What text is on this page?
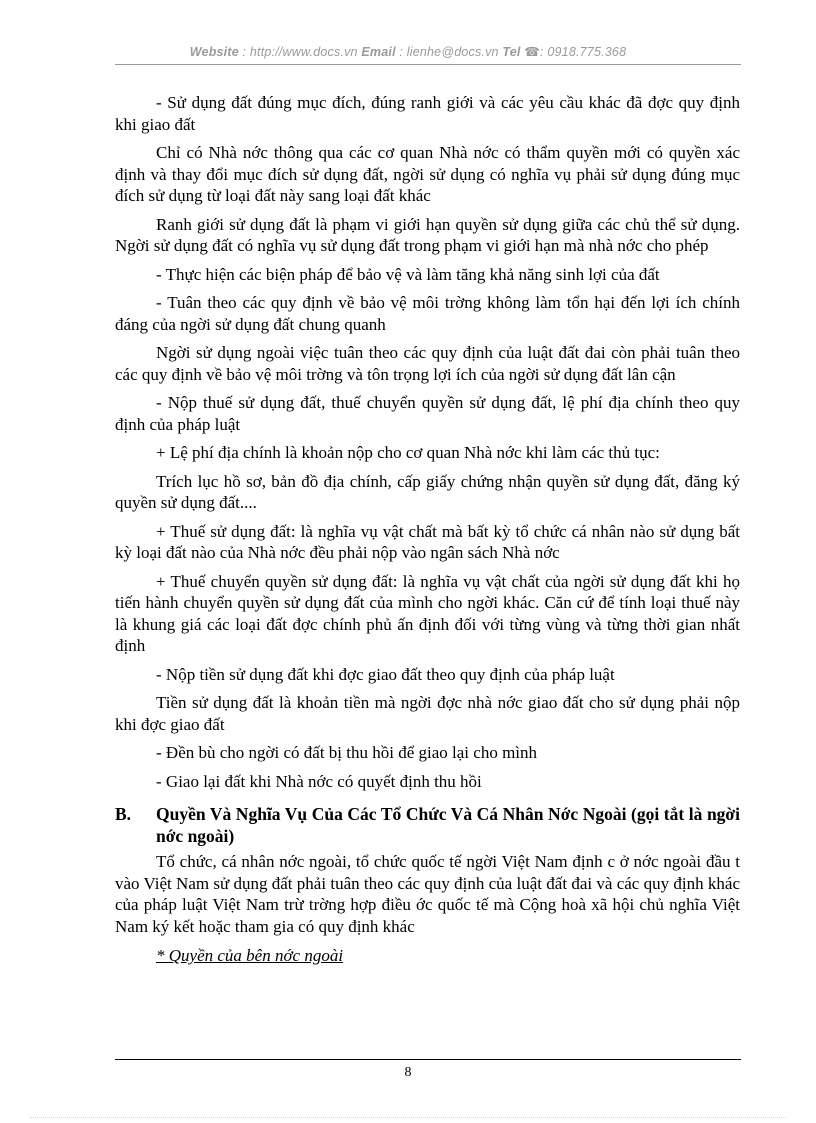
Website : http://www.docs.vn Email : lienhe@docs.vn Tel ☎: 0918.775.368

- Sử dụng đất đúng mục đích, đúng ranh giới và các yêu cầu khác đã đợc quy định khi giao đất

Chỉ có Nhà nớc thông qua các cơ quan Nhà nớc có thẩm quyền mới có quyền xác định và thay đổi mục đích sử dụng đất, ngời sử dụng có nghĩa vụ phải sử dụng đúng mục đích sử dụng từ loại đất này sang loại đất khác

Ranh giới sử dụng đất là phạm vi giới hạn quyền sử dụng giữa các chủ thể sử dụng. Ngời sử dụng đất có nghĩa vụ sử dụng đất trong phạm vi giới hạn mà nhà nớc cho phép

- Thực hiện các biện pháp để bảo vệ và làm tăng khả năng sinh lợi của đất

- Tuân theo các quy định về bảo vệ môi trờng không làm tổn hại đến lợi ích chính đáng của ngời sử dụng đất chung quanh

Ngời sử dụng ngoài việc tuân theo các quy định của luật đất đai còn phải tuân theo các quy định về bảo vệ môi trờng và tôn trọng lợi ích của ngời sử dụng đất lân cận

- Nộp thuế sử dụng đất, thuế chuyển quyền sử dụng đất, lệ phí địa chính theo quy định của pháp luật

+ Lệ phí địa chính là khoản nộp cho cơ quan Nhà nớc khi làm các thủ tục:

Trích lục hồ sơ, bản đồ địa chính, cấp giấy chứng nhận quyền sử dụng đất, đăng ký quyền sử dụng đất....

+ Thuế sử dụng đất: là nghĩa vụ vật chất mà bất kỳ tổ chức cá nhân nào sử dụng bất kỳ loại đất nào của Nhà nớc đều phải nộp vào ngân sách Nhà nớc

+ Thuế chuyển quyền sử dụng đất: là nghĩa vụ vật chất của ngời sử dụng đất khi họ tiến hành chuyển quyền sử dụng đất của mình cho ngời khác. Căn cứ để tính loại thuế này là khung giá các loại đất đợc chính phủ ấn định đối với từng vùng và từng thời gian nhất định

- Nộp tiền sử dụng đất khi đợc giao đất theo quy định của pháp luật

Tiền sử dụng đất là khoản tiền mà ngời đợc nhà nớc giao đất cho sử dụng phải nộp khi đợc giao đất

- Đền bù cho ngời có đất bị thu hồi để giao lại cho mình

- Giao lại đất khi Nhà nớc có quyết định thu hồi

B.	Quyền Và Nghĩa Vụ Của Các Tổ Chức Và Cá Nhân Nớc Ngoài (gọi tắt là ngời nớc ngoài)

Tổ chức, cá nhân nớc ngoài, tổ chức quốc tế ngời Việt Nam định c ở nớc ngoài đầu t vào Việt Nam sử dụng đất phải tuân theo các quy định của luật đất đai và các quy định khác của pháp luật Việt Nam trừ trờng hợp điều ớc quốc tế mà Cộng hoà xã hội chủ nghĩa Việt Nam ký kết hoặc tham gia có quy định khác

* Quyền của bên nớc ngoài
8
